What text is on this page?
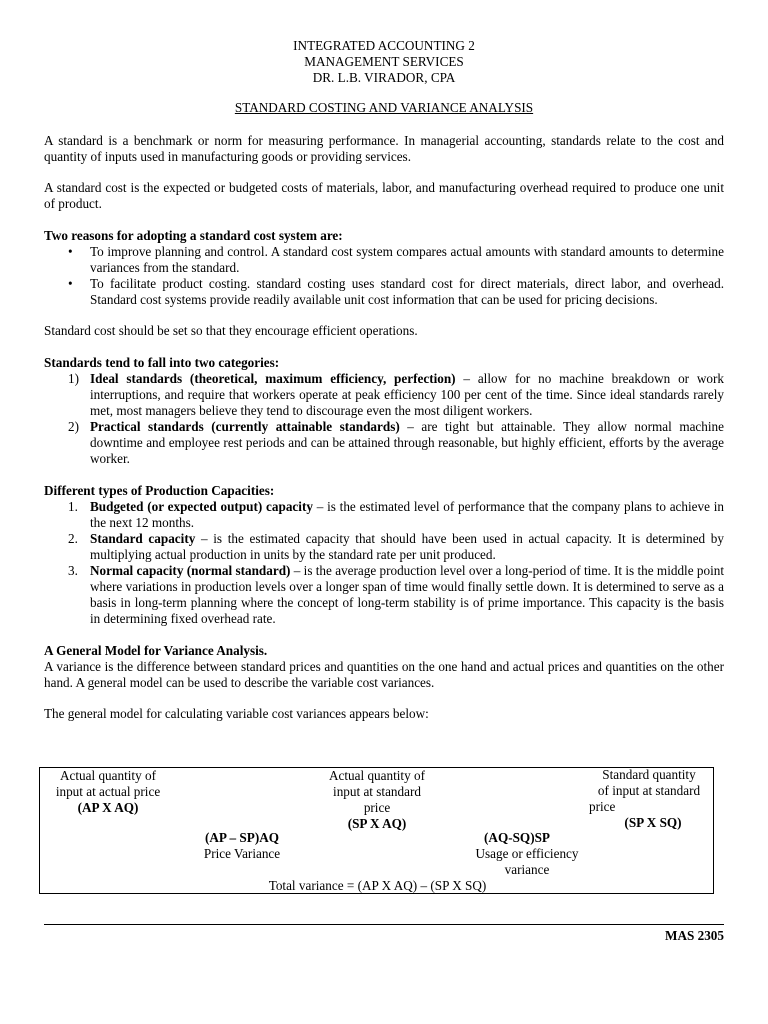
INTEGRATED ACCOUNTING 2
MANAGEMENT SERVICES
DR. L.B. VIRADOR, CPA
STANDARD COSTING AND VARIANCE ANALYSIS

A standard is a benchmark or norm for measuring performance. In managerial accounting, standards relate to the cost and quantity of inputs used in manufacturing goods or providing services.

A standard cost is the expected or budgeted costs of materials, labor, and manufacturing overhead required to produce one unit of product.

Two reasons for adopting a standard cost system are:
• To improve planning and control. A standard cost system compares actual amounts with standard amounts to determine variances from the standard.
• To facilitate product costing. standard costing uses standard cost for direct materials, direct labor, and overhead. Standard cost systems provide readily available unit cost information that can be used for pricing decisions.

Standard cost should be set so that they encourage efficient operations.

Standards tend to fall into two categories:
1) Ideal standards (theoretical, maximum efficiency, perfection) – allow for no machine breakdown or work interruptions, and require that workers operate at peak efficiency 100 per cent of the time. Since ideal standards rarely met, most managers believe they tend to discourage even the most diligent workers.
2) Practical standards (currently attainable standards) – are tight but attainable. They allow normal machine downtime and employee rest periods and can be attained through reasonable, but highly efficient, efforts by the average worker.
Different types of Production Capacities:
1. Budgeted (or expected output) capacity – is the estimated level of performance that the company plans to achieve in the next 12 months.
2. Standard capacity – is the estimated capacity that should have been used in actual capacity. It is determined by multiplying actual production in units by the standard rate per unit produced.
3. Normal capacity (normal standard) – is the average production level over a long-period of time. It is the middle point where variations in production levels over a longer span of time would finally settle down. It is determined to serve as a basis in long-term planning where the concept of long-term stability is of prime importance. This capacity is the basis in determining fixed overhead rate.
A General Model for Variance Analysis.

A variance is the difference between standard prices and quantities on the one hand and actual prices and quantities on the other hand. A general model can be used to describe the variable cost variances.

The general model for calculating variable cost variances appears below:

Actual quantity of
input at actual price
(AP X AQ)
Actual quantity of
input at standard
price
(SP X AQ)
Standard quantity
of input at standard
price
(SP X SQ)
(AP – SP)AQ
Price Variance
(AQ-SQ)SP
Usage or efficiency
variance
Total variance = (AP X AQ) – (SP X SQ)
MAS 2305
